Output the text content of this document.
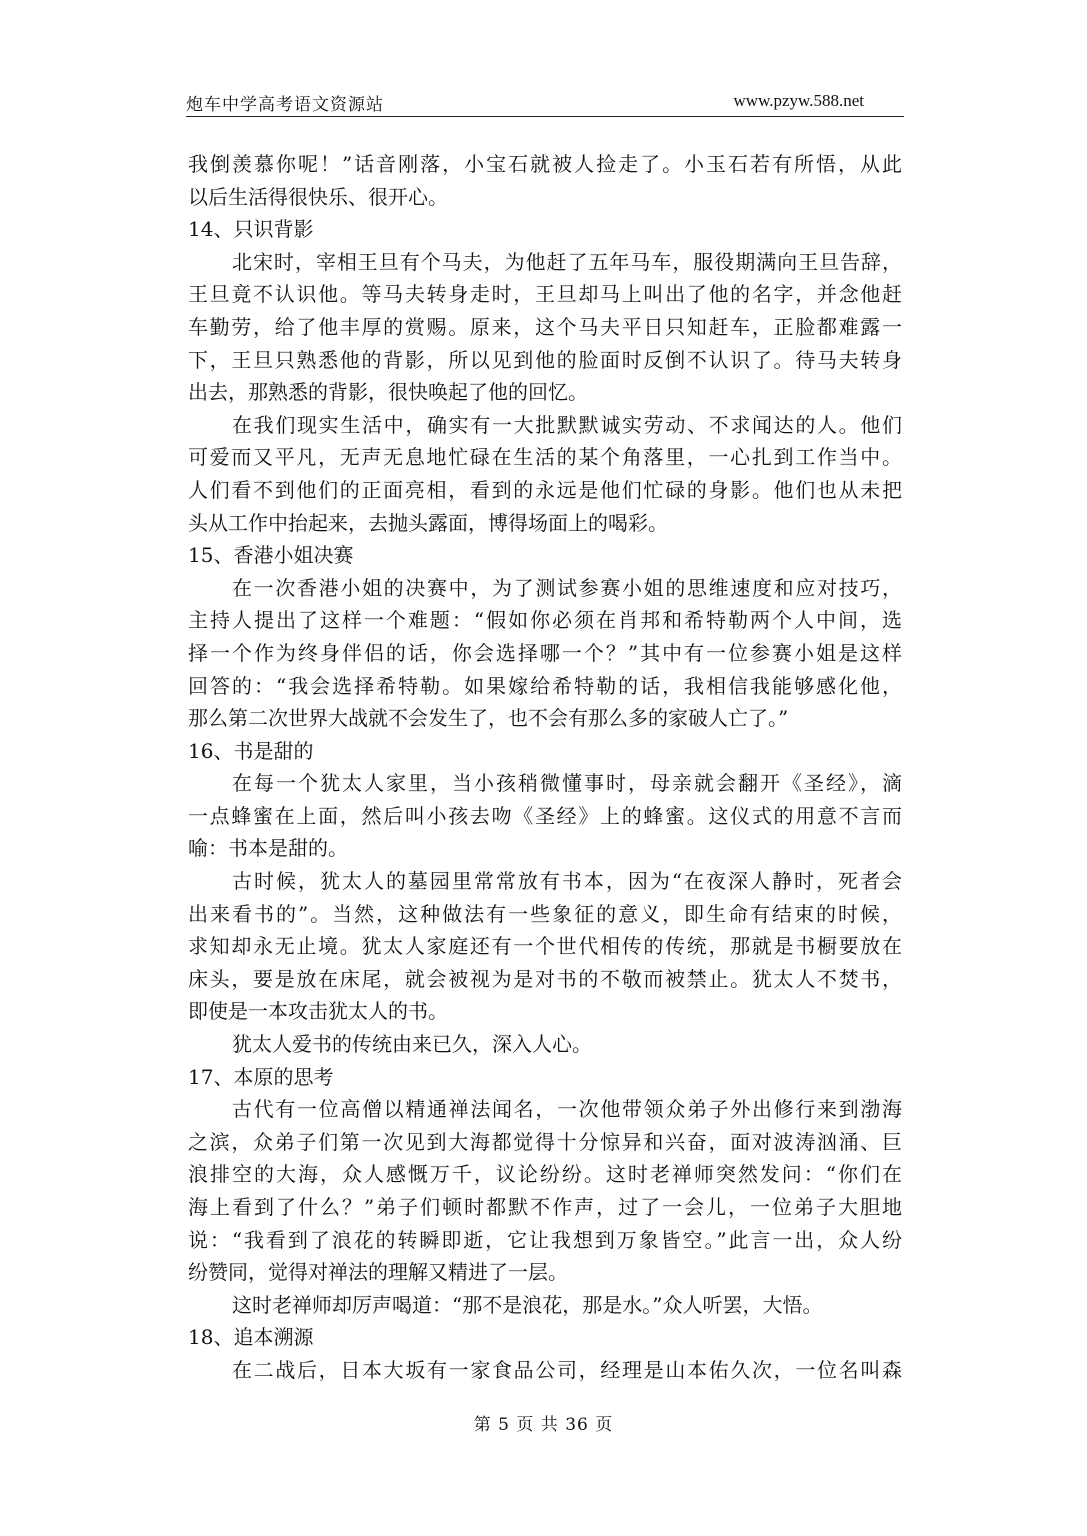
炮车中学高考语文资源站	www.pzyw.588.net
我倒羡慕你呢！”话音刚落，小宝石就被人捡走了。小玉石若有所悟，从此
以后生活得很快乐、很开心。
14、只识背影
北宋时，宰相王旦有个马夫，为他赶了五年马车，服役期满向王旦告辞，
王旦竟不认识他。等马夫转身走时，王旦却马上叫出了他的名字，并念他赶
车勤劳，给了他丰厚的赏赐。原来，这个马夫平日只知赶车，正脸都难露一
下，王旦只熟悉他的背影，所以见到他的脸面时反倒不认识了。待马夫转身
出去，那熟悉的背影，很快唤起了他的回忆。
在我们现实生活中，确实有一大批默默诚实劳动、不求闻达的人。他们
可爱而又平凡，无声无息地忙碌在生活的某个角落里，一心扎到工作当中。
人们看不到他们的正面亮相，看到的永远是他们忙碌的身影。他们也从未把
头从工作中抬起来，去抛头露面，博得场面上的喝彩。
15、香港小姐决赛
在一次香港小姐的决赛中，为了测试参赛小姐的思维速度和应对技巧，
主持人提出了这样一个难题：“假如你必须在肖邦和希特勒两个人中间，选
择一个作为终身伴侣的话，你会选择哪一个？”其中有一位参赛小姐是这样
回答的：“我会选择希特勒。如果嫁给希特勒的话，我相信我能够感化他，
那么第二次世界大战就不会发生了，也不会有那么多的家破人亡了。”
16、书是甜的
在每一个犹太人家里，当小孩稍微懂事时，母亲就会翻开《圣经》，滴
一点蜂蜜在上面，然后叫小孩去吻《圣经》上的蜂蜜。这仪式的用意不言而
喻：书本是甜的。
古时候，犹太人的墓园里常常放有书本，因为“在夜深人静时，死者会
出来看书的”。当然，这种做法有一些象征的意义，即生命有结束的时候，
求知却永无止境。犹太人家庭还有一个世代相传的传统，那就是书橱要放在
床头，要是放在床尾，就会被视为是对书的不敬而被禁止。犹太人不焚书，
即使是一本攻击犹太人的书。
犹太人爱书的传统由来已久，深入人心。
17、本原的思考
古代有一位高僧以精通禅法闻名，一次他带领众弟子外出修行来到渤海
之滨，众弟子们第一次见到大海都觉得十分惊异和兴奋，面对波涛汹涌、巨
浪排空的大海，众人感慨万千，议论纷纷。这时老禅师突然发问：“你们在
海上看到了什么？”弟子们顿时都默不作声，过了一会儿，一位弟子大胆地
说：“我看到了浪花的转瞬即逝，它让我想到万象皆空。”此言一出，众人纷
纷赞同，觉得对禅法的理解又精进了一层。
这时老禅师却厉声喝道：“那不是浪花，那是水。”众人听罢，大悟。
18、追本溯源
在二战后，日本大坂有一家食品公司，经理是山本佑久次，一位名叫森
第 5 页 共 36 页
